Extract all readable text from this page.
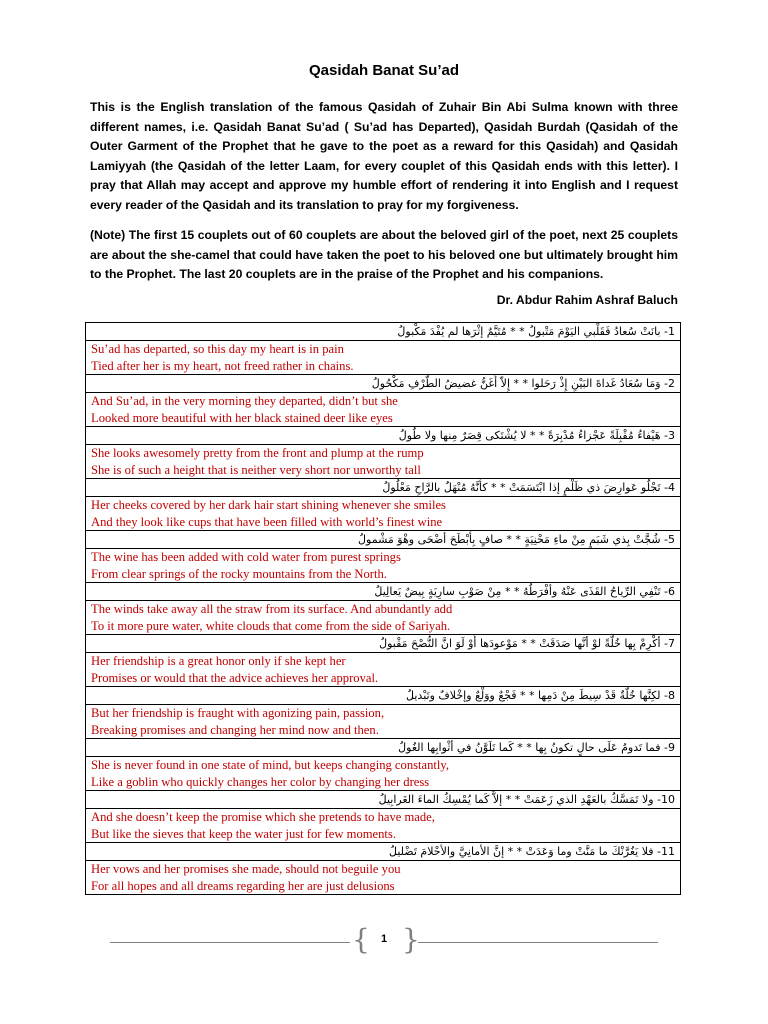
Qasidah Banat Su’ad

This is the English translation of the famous Qasidah of Zuhair Bin Abi Sulma known with three different names, i.e. Qasidah Banat Su’ad ( Su’ad has Departed), Qasidah Burdah (Qasidah of the Outer Garment of the Prophet that he gave to the poet as a reward for this Qasidah) and Qasidah Lamiyyah (the Qasidah of the letter Laam, for every couplet of this Qasidah ends with this letter). I pray that Allah may accept and approve my humble effort of rendering it into English and I request every reader of the Qasidah and its translation to pray for my forgiveness.

(Note) The first 15 couplets out of 60 couplets are about the beloved girl of the poet, next 25 couplets are about the she-camel that could have taken the poet to his beloved one but ultimately brought him to the Prophet. The last 20 couplets are in the praise of the Prophet and his companions.

Dr. Abdur Rahim Ashraf Baluch
1- بانَتْ سُعادُ فَقَلْبي اليَوْمَ مَتْبولُ * * مُتَيَّمٌ إثْرَها لم يُفْدَ مَكْبولُ

Su’ad has departed, so this day my heart is in pain
Tied after her is my heart, not freed rather in chains.

2- وَمَا سُعَادُ غَداةَ البَيْنِ إِذْ رَحَلوا * * إِلاّ أَغَنُّ غضيضُ الطَّرْفِ مَكْحُولُ

And Su’ad, in the very morning they departed, didn’t but she
Looked more beautiful with her black stained deer like eyes

3- هَيْفاءُ مُقْبِلَةً عَجْزاءُ مُدْبِرَةً * * لا يُشْتَكى قِصَرٌ مِنها ولا طُولُ

She looks awesomely pretty from the front and plump at the rump
She is of such a height that is neither very short nor unworthy tall

4- تَجْلُو عَوارِضَ ذي ظَلْمٍ إذا ابْتَسَمَتْ * * كأنَّهُ مُنْهَلٌ بالرَّاحِ مَعْلُولُ

Her cheeks covered by her dark hair start shining whenever she smiles
And they look like cups that have been filled with world’s finest wine

5- شُجَّتْ بِذي شَبَمٍ مِنْ ماءِ مَحْنِيَةٍ * * صافٍ بِأَبْطَحَ أضْحَى وهْوَ مَشْمولُ

The wine has been added with cold water from purest springs
From clear springs of the rocky mountains from the North.

6- تَنْفِي الرِّياحُ القَذَى عَنْهُ وأفْرَطُهُ * * مِنْ صَوْبِ سارِيَةٍ بِيضٌ يَعالِيلُ

The winds take away all the straw from its surface. And abundantly add
To it more pure water, white clouds that come from the side of Sariyah.

7- أكْرِمْ بِها خُلَّةً لوْ أنَّها صَدَقَتْ * * مَوْعودَها أَوْ لَوَ انَّ النُّصْحَ مَقْبولُ

Her friendship is a great honor only if she kept her
Promises or would that the advice achieves her approval.

8- لكِنَّها خُلَّةٌ قَدْ سِيطَ مِنْ دَمِها * * فَجْعٌ ووَلْعٌ وإخْلافٌ وتَبْديلُ

But her friendship is fraught with agonizing pain, passion,
Breaking promises and changing her mind now and then.

9- فما تَدومُ عَلَى حالٍ تكونُ بِها * * كَما تَلَوَّنُ في أثْوابِها الغُولُ

She is never found in one state of mind, but keeps changing constantly,
Like a goblin who quickly changes her color by changing her dress

10- ولا تَمَسَّكُ بالعَهْدِ الذي زَعَمَتْ * * إلاَّ كَما يُمْسِكُ الماءَ الغَرابِيلُ

And she doesn’t keep the promise which she pretends to have made,
But like the sieves that keep the water just for few moments.

11- فلا يَغُرَّنْكَ ما مَنَّتْ وما وَعَدَتْ * * إنَّ الأمانِيَّ والأحْلامَ تَضْليلُ

Her vows and her promises she made, should not beguile you
For all hopes and all dreams regarding her are just delusions
{	1 }
